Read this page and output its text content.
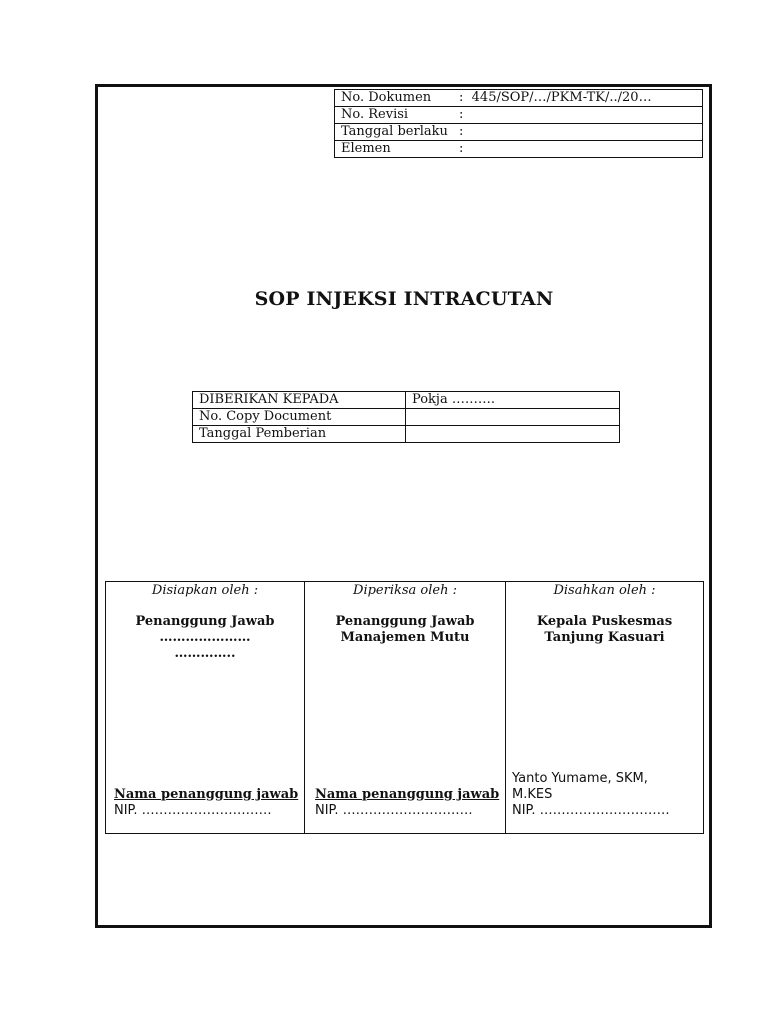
No. Dokumen : 445/SOP/…/PKM-TK/../20…
No. Revisi	:
Tanggal berlaku :
Elemen	:
SOP INJEKSI INTRACUTAN
DIBERIKAN KEPADA	Pokja ……….
No. Copy Document	
Tanggal Pemberian	
Disiapkan oleh :
Penanggung Jawab
…………………
…………..
Nama penanggung jawab
NIP. …………………………

Diperiksa oleh :
Penanggung Jawab
Manajemen Mutu
Nama penanggung jawab
NIP. …………………………

Disahkan oleh :
Kepala Puskesmas
Tanjung Kasuari
Yanto Yumame, SKM,
M.KES
NIP. …………………………
